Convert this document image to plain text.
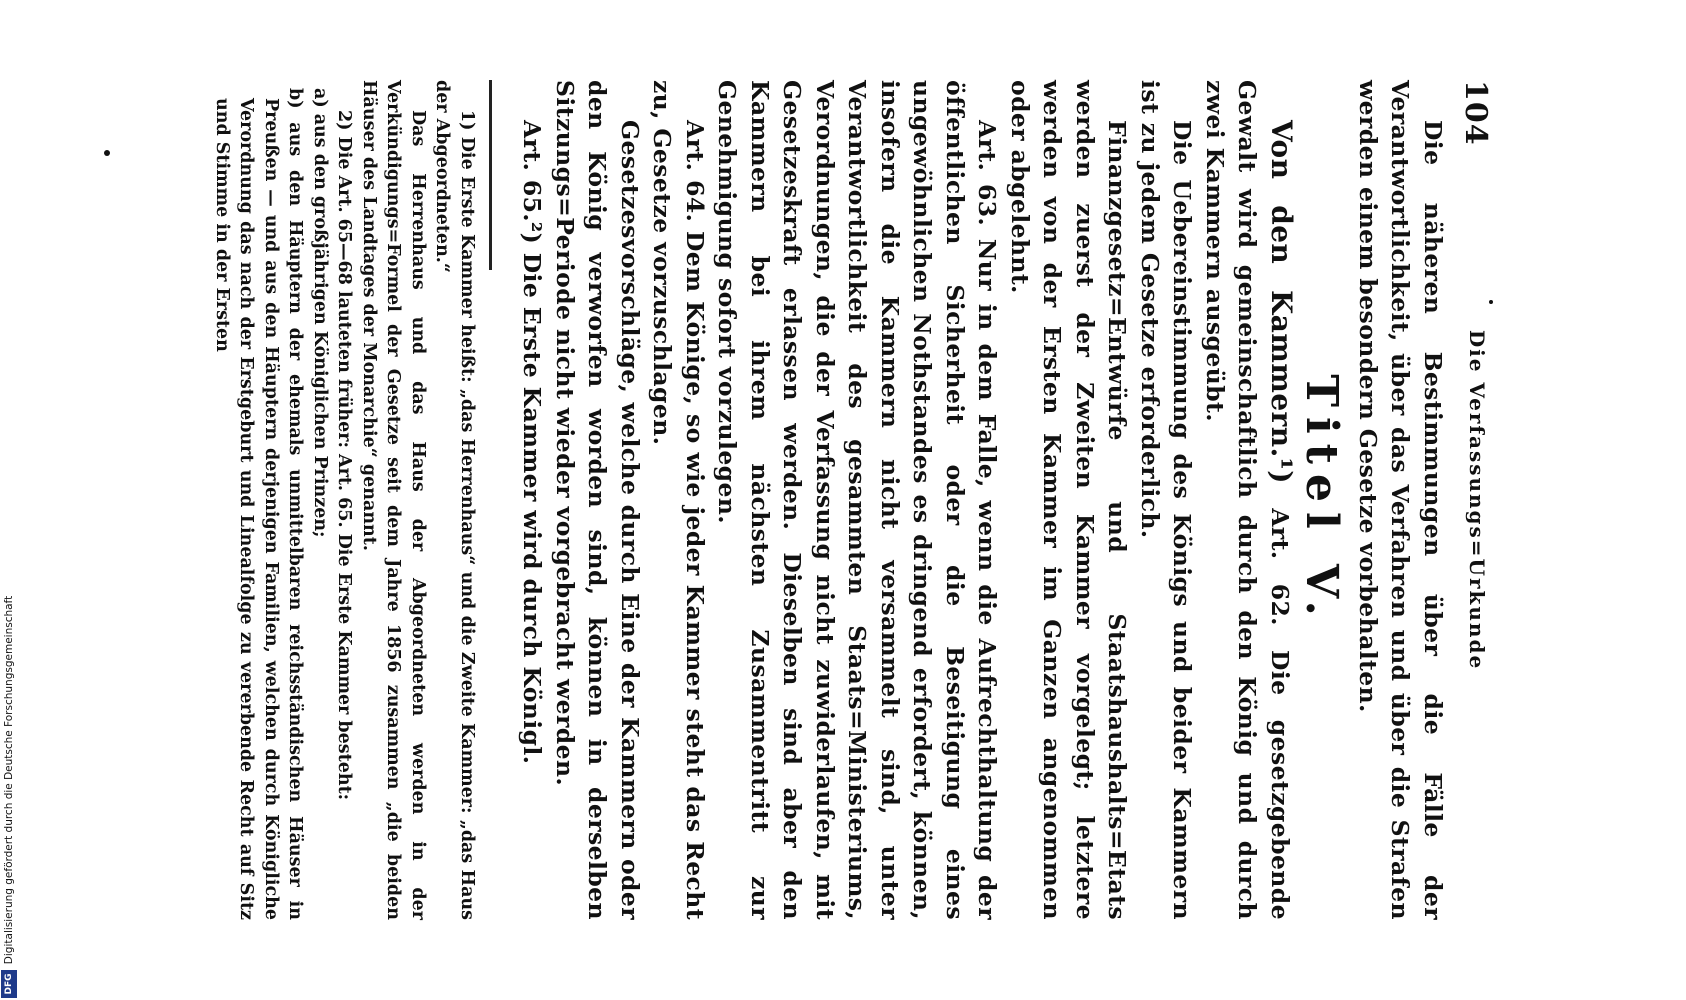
104
Die Verfassungs=Urkunde

Die näheren Bestimmungen über die Fälle der Verantwortlichkeit, über das Verfahren und über die Strafen werden einem besondern Gesetze vorbehalten.

Titel V.

Von den Kammern.¹) Art. 62. Die gesetzgebende Gewalt wird gemeinschaftlich durch den König und durch zwei Kammern ausgeübt.

Die Uebereinstimmung des Königs und beider Kammern ist zu jedem Gesetze erforderlich.

Finanzgesetz=Entwürfe und Staatshaushalts=Etats werden zuerst der Zweiten Kammer vorgelegt; letztere werden von der Ersten Kammer im Ganzen angenommen oder abgelehnt.

Art. 63. Nur in dem Falle, wenn die Aufrechthaltung der öffentlichen Sicherheit oder die Beseitigung eines ungewöhnlichen Nothstandes es dringend erfordert, können, insofern die Kammern nicht versammelt sind, unter Verantwortlichkeit des gesammten Staats=Ministeriums, Verordnungen, die der Verfassung nicht zuwiderlaufen, mit Gesetzeskraft erlassen werden. Dieselben sind aber den Kammern bei ihrem nächsten Zusammentritt zur Genehmigung sofort vorzulegen.

Art. 64. Dem Könige, so wie jeder Kammer steht das Recht zu, Gesetze vorzuschlagen.

Gesetzesvorschläge, welche durch Eine der Kammern oder den König verworfen worden sind, können in derselben Sitzungs=Periode nicht wieder vorgebracht werden.

Art. 65.²) Die Erste Kammer wird durch Königl.

1) Die Erste Kammer heißt: „das Herrenhaus“ und die Zweite Kammer: „das Haus der Abgeordneten.“

Das Herrenhaus und das Haus der Abgeordneten werden in der Verkündigungs=Formel der Gesetze seit dem Jahre 1856 zusammen „die beiden Häuser des Landtages der Monarchie“ genannt.

2) Die Art. 65—68 lauteten früher: Art. 65. Die Erste Kammer besteht:

a) aus den großjährigen Königlichen Prinzen;

b) aus den Häuptern der ehemals unmittelbaren reichsständischen Häuser in Preußen — und aus den Häuptern derjenigen Familien, welchen durch Königliche Verordnung das nach der Erstgeburt und Linealfolge zu vererbende Recht auf Sitz und Stimme in der Ersten

Digitalisierung gefördert durch die Deutsche Forschungsgemeinschaft
DFG
